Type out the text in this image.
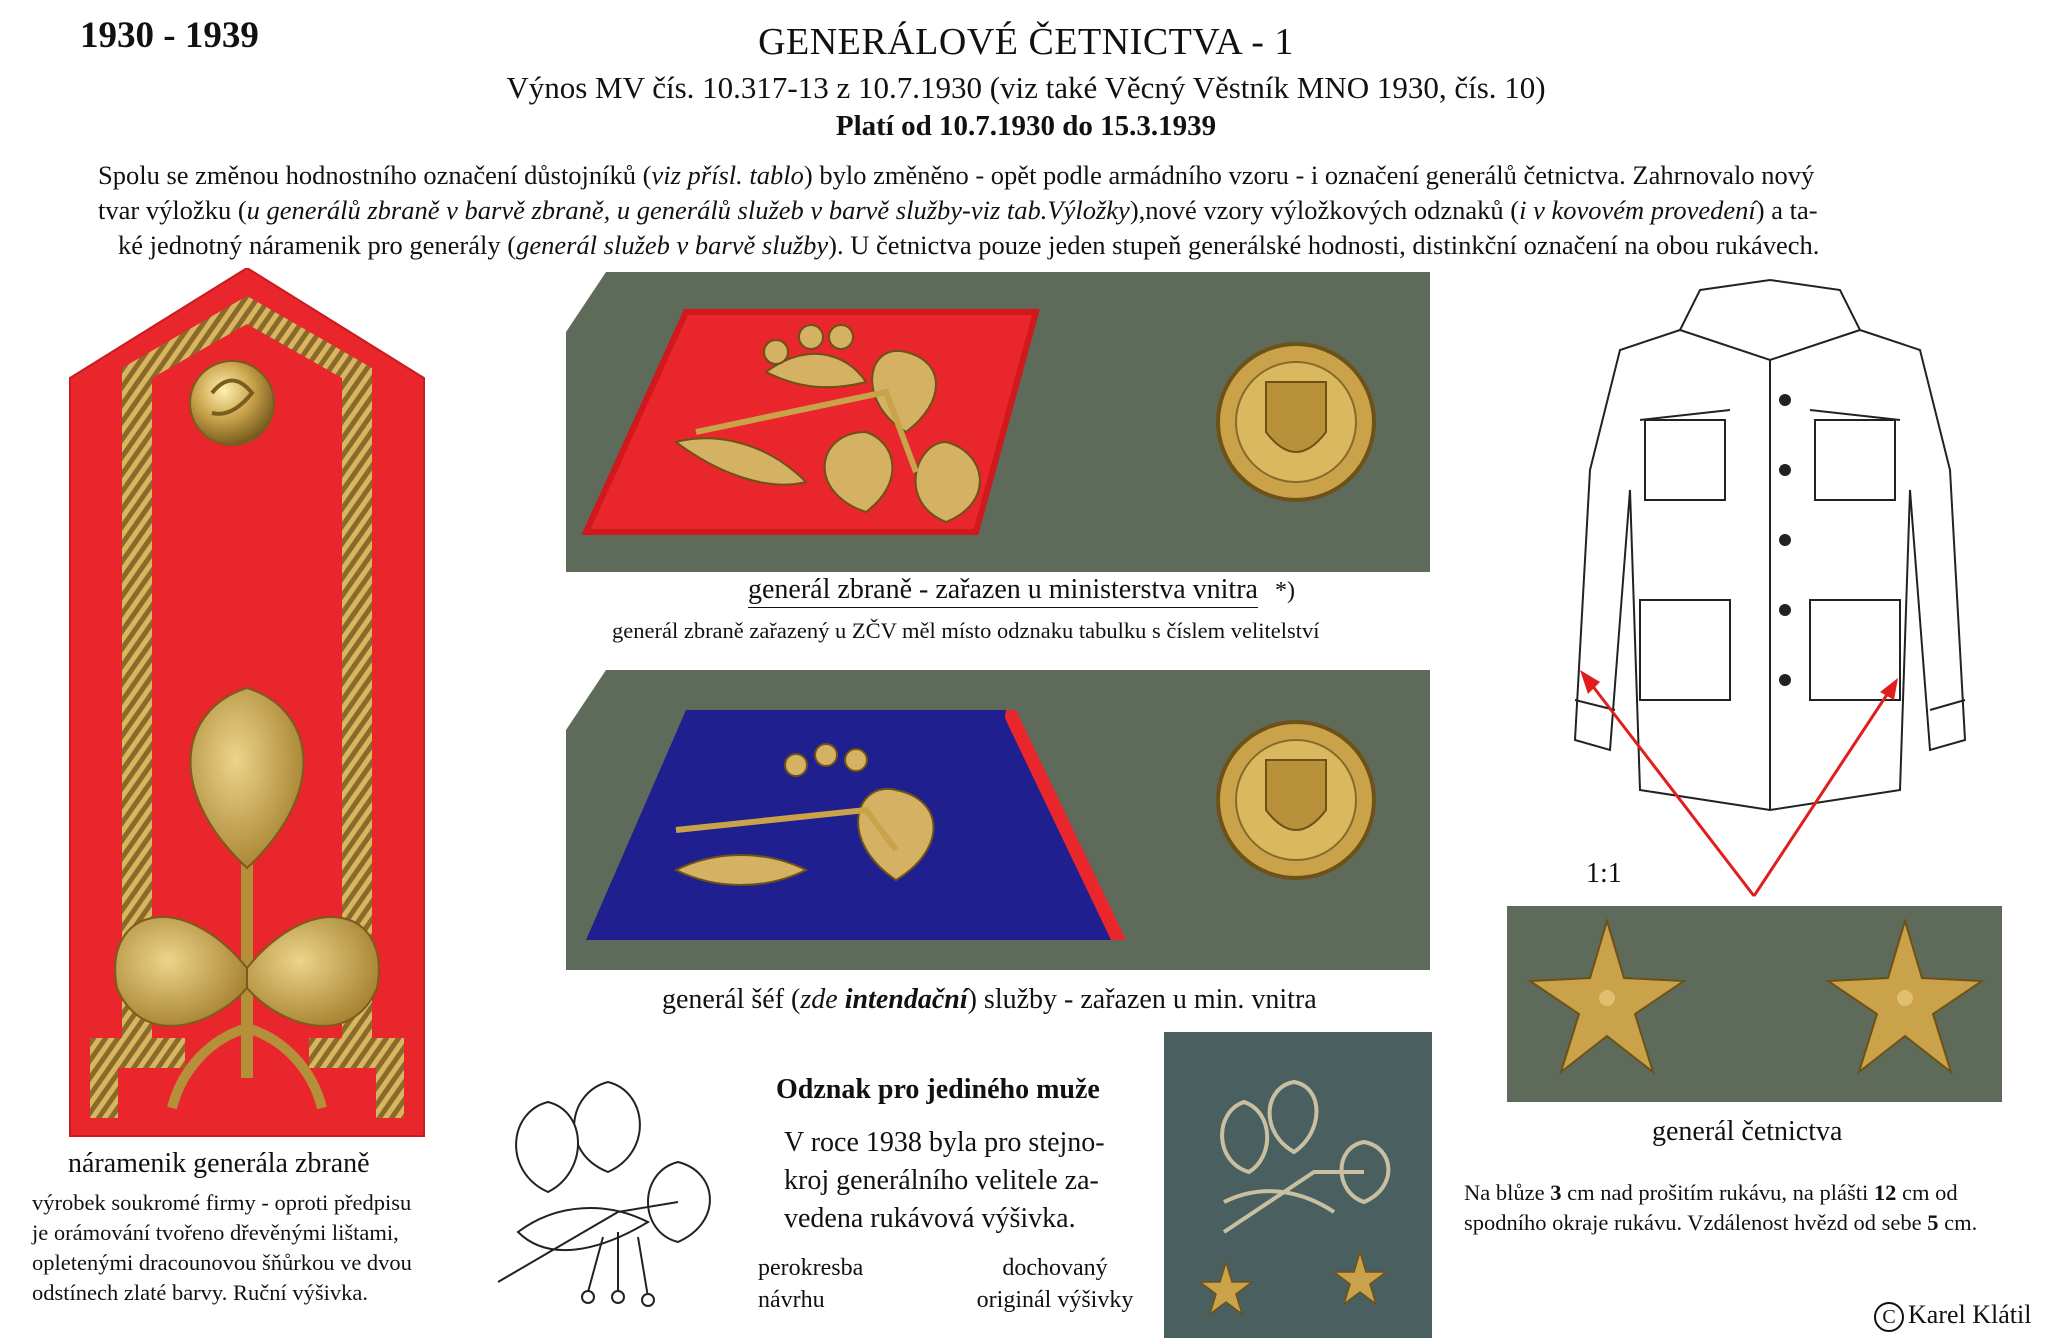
1930 - 1939	GENERÁLOVÉ ČETNICTVA - 1
Výnos MV čís. 10.317-13 z 10.7.1930 (viz také Věcný Věstník MNO 1930, čís. 10)
Platí od 10.7.1930 do 15.3.1939
Spolu se změnou hodnostního označení důstojníků (viz přísl. tablo) bylo změněno - opět podle armádního vzoru - i označení generálů četnictva. Zahrnovalo nový
tvar výložku (u generálů zbraně v barvě zbraně, u generálů služeb v barvě služby-viz tab.Výložky),nové vzory výložkových odznaků (i v kovovém provedení) a ta-
ké jednotný náramenik pro generály (generál služeb v barvě služby). U četnictva pouze jeden stupeň generálské hodnosti, distinkční označení na obou rukávech.
náramenik generála zbraně
výrobek soukromé firmy - oproti předpisu
je orámování tvořeno dřevěnými lištami,
opletenými dracounovou šňůrkou ve dvou
odstínech zlaté barvy. Ruční výšivka.
generál zbraně - zařazen u ministerstva vnitra *)
generál zbraně zařazený u ZČV měl místo odznaku tabulku s číslem velitelství
generál šéf (zde intendační) služby - zařazen u min. vnitra
1:1
generál četnictva
Na blůze 3 cm nad prošitím rukávu, na plášti 12 cm od
spodního okraje rukávu. Vzdálenost hvězd od sebe 5 cm.
Odznak pro jediného muže
V roce 1938 byla pro stejno-
kroj generálního velitele za-
vedena rukávová výšivka.
perokresba
návrhu
dochovaný
originál výšivky
C Karel Klátil
